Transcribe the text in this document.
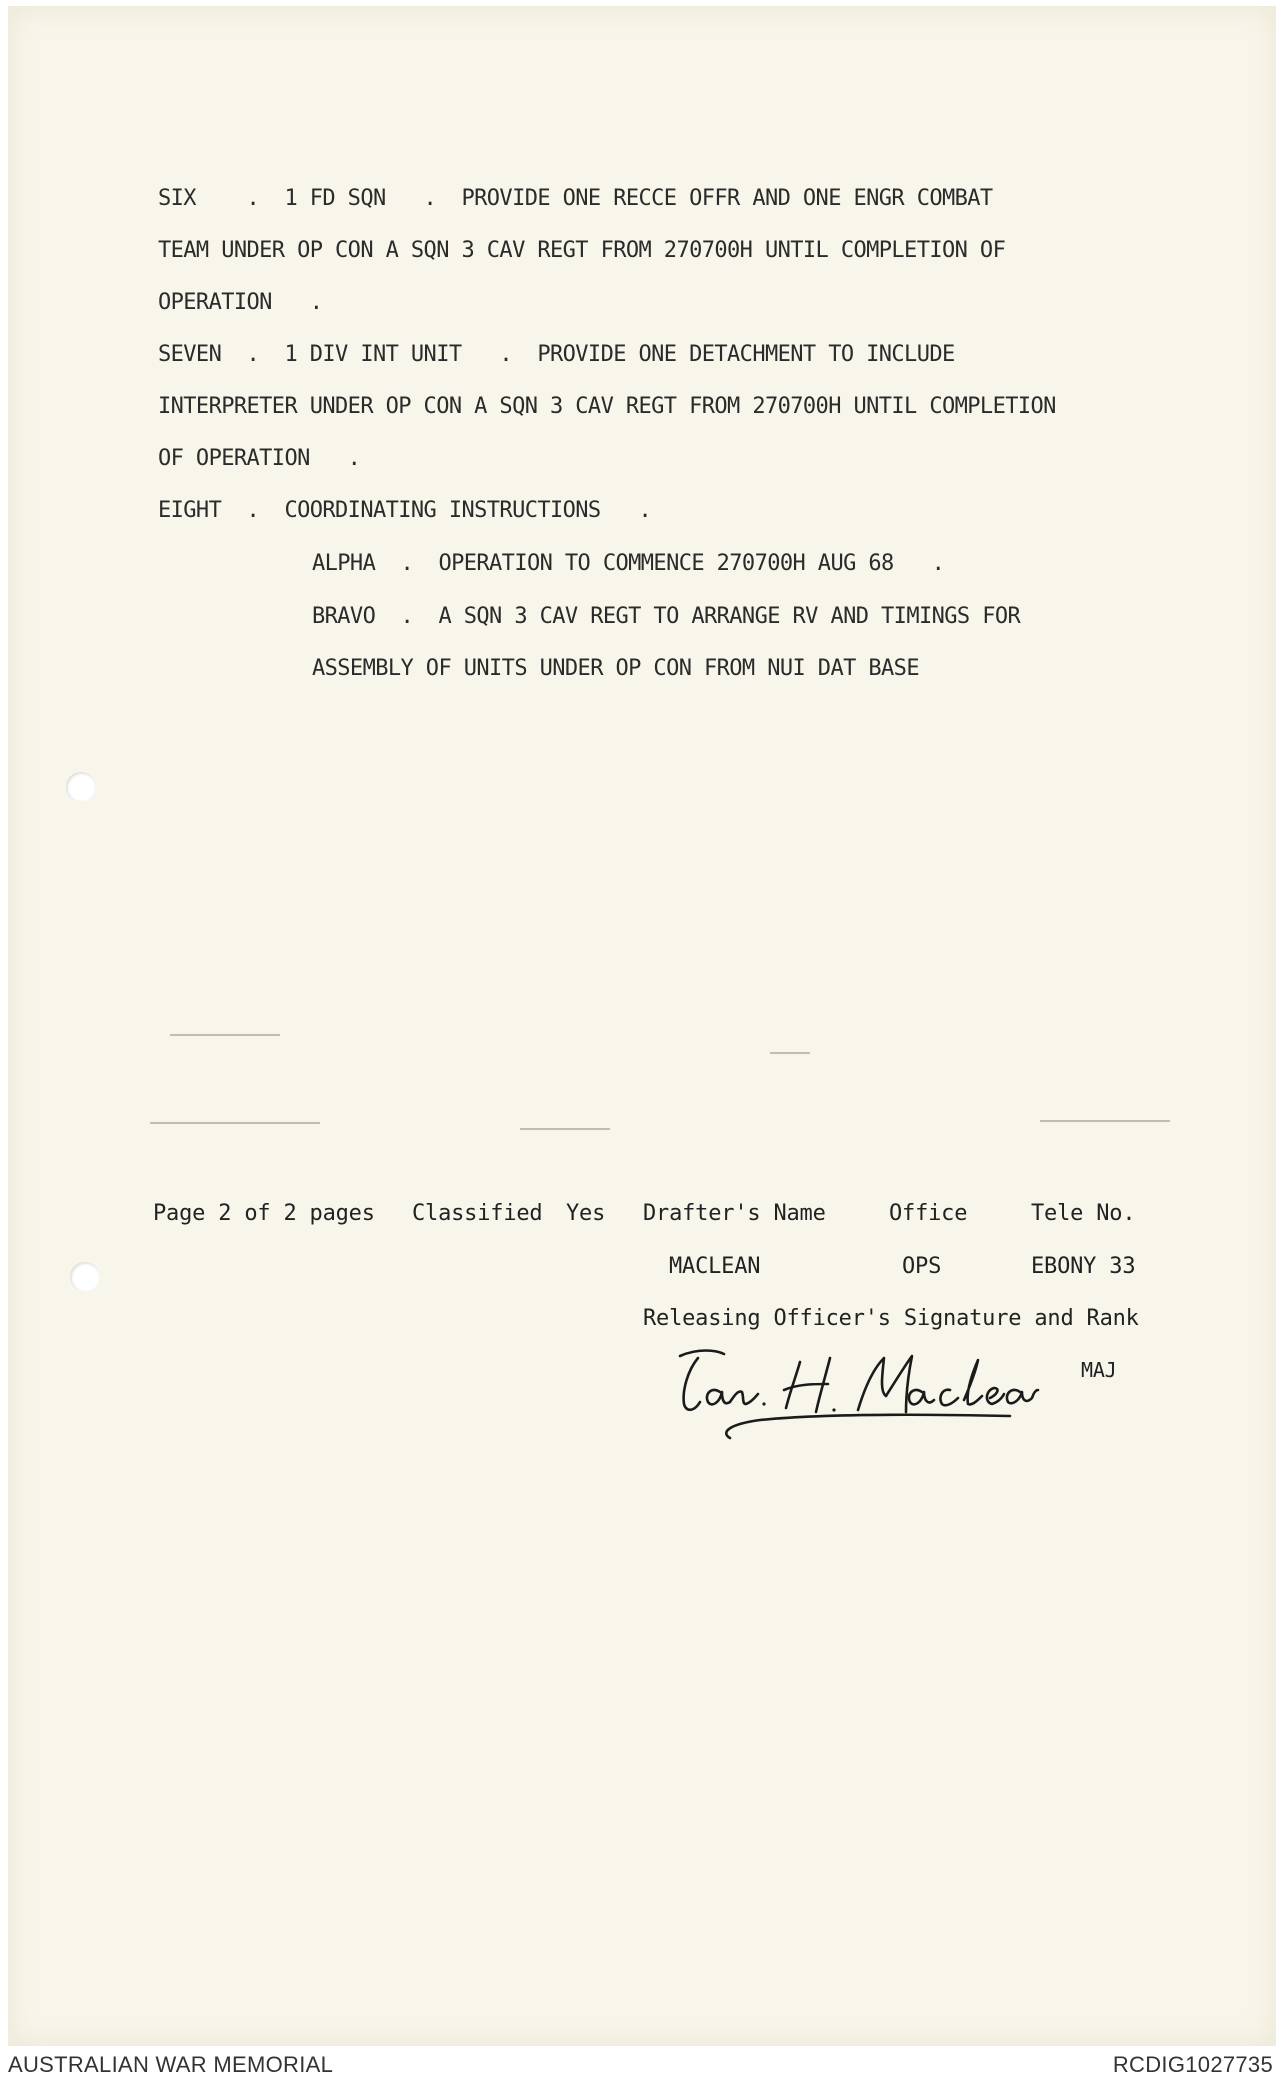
SIX    .  1 FD SQN   .  PROVIDE ONE RECCE OFFR AND ONE ENGR COMBAT
TEAM UNDER OP CON A SQN 3 CAV REGT FROM 270700H UNTIL COMPLETION OF
OPERATION   .
SEVEN  .  1 DIV INT UNIT   .  PROVIDE ONE DETACHMENT TO INCLUDE
INTERPRETER UNDER OP CON A SQN 3 CAV REGT FROM 270700H UNTIL COMPLETION
OF OPERATION   .
EIGHT  .  COORDINATING INSTRUCTIONS   .
ALPHA  .  OPERATION TO COMMENCE 270700H AUG 68   .
BRAVO  .  A SQN 3 CAV REGT TO ARRANGE RV AND TIMINGS FOR
ASSEMBLY OF UNITS UNDER OP CON FROM NUI DAT BASE
Page 2 of 2 pages Classified Yes Drafter's Name	Office	Tele No.
MACLEAN	OPS	EBONY 33
Releasing Officer's Signature and Rank
MAJ
AUSTRALIAN WAR MEMORIAL	RCDIG1027735
